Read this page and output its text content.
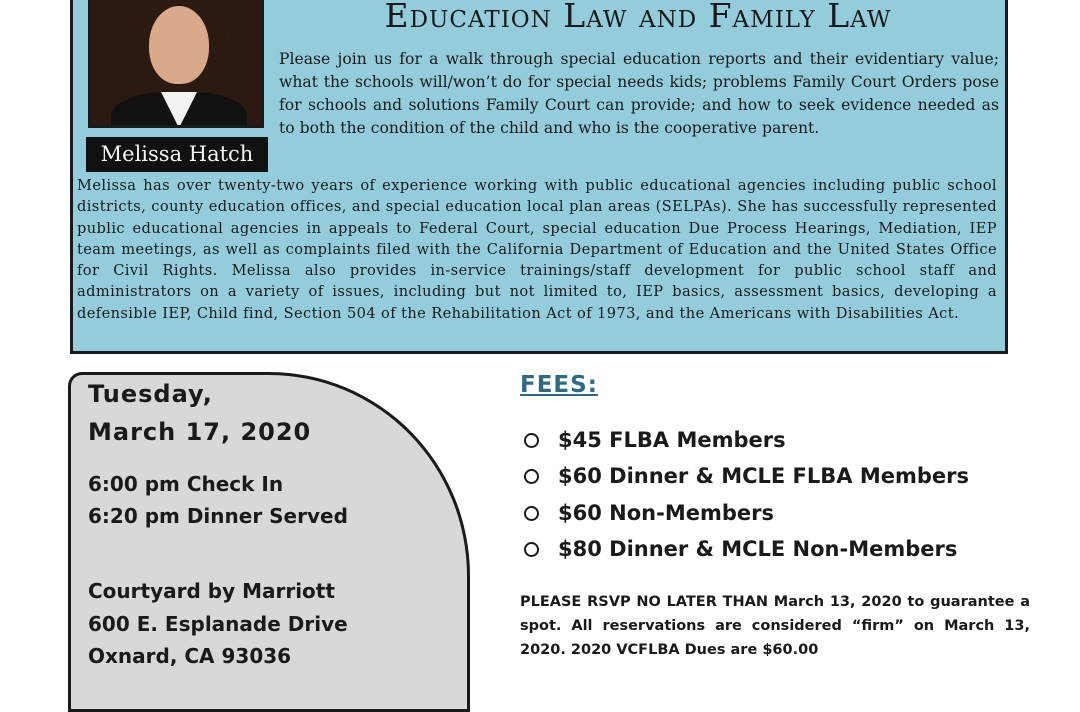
Melissa Hatch
Education Law and Family Law
Please join us for a walk through special education reports and their evidentiary value; what the schools will/won’t do for special needs kids; problems Family Court Orders pose for schools and solutions Family Court can provide; and how to seek evidence needed as to both the condition of the child and who is the cooperative parent.
Melissa has over twenty-two years of experience working with public educational agencies including public school districts, county education offices, and special education local plan areas (SELPAs). She has successfully represented public educational agencies in appeals to Federal Court, special education Due Process Hearings, Mediation, IEP team meetings, as well as complaints filed with the California Department of Education and the United States Office for Civil Rights. Melissa also provides in-service trainings/staff development for public school staff and administrators on a variety of issues, including but not limited to, IEP basics, assessment basics, developing a defensible IEP, Child find, Section 504 of the Rehabilitation Act of 1973, and the Americans with Disabilities Act.
Tuesday,
March 17, 2020
6:00 pm Check In
6:20 pm Dinner Served
Courtyard by Marriott
600 E. Esplanade Drive
Oxnard, CA 93036
FEES:
$45 FLBA Members
$60 Dinner & MCLE FLBA Members
$60 Non-Members
$80 Dinner & MCLE Non-Members
PLEASE RSVP NO LATER THAN March 13, 2020 to guarantee a spot. All reservations are considered “firm” on March 13, 2020. 2020 VCFLBA Dues are $60.00
